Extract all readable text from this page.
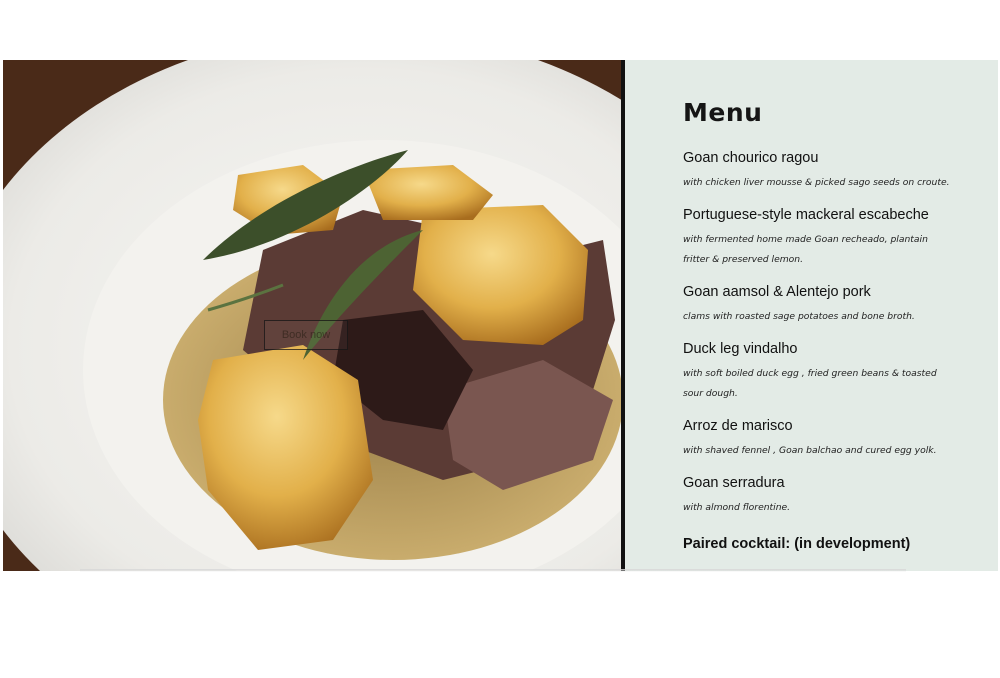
Book now
Menu
Goan chourico ragou
with chicken liver mousse & picked sago seeds on croute.
Portuguese-style mackeral escabeche
with fermented home made Goan recheado, plantain fritter & preserved lemon.
Goan aamsol & Alentejo pork
clams with roasted sage potatoes and bone broth.
Duck leg vindalho
with soft boiled duck egg , fried green beans & toasted sour dough.
Arroz de marisco
with shaved fennel , Goan balchao and cured egg yolk.
Goan serradura
with almond florentine.
Paired cocktail: (in development)
